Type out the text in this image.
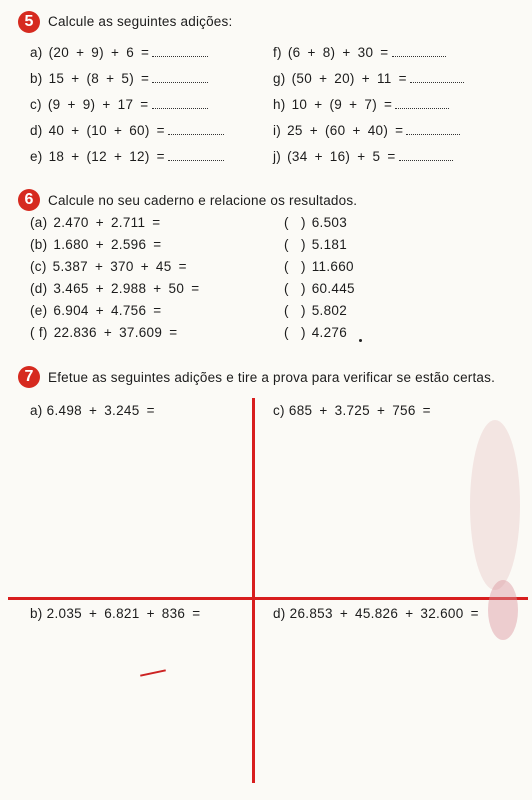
5	Calcule as seguintes adições:
a) (20 + 9) + 6 =
b) 15 + (8 + 5) =
c) (9 + 9) + 17 =
d) 40 + (10 + 60) =
e) 18 + (12 + 12) =
f) (6 + 8) + 30 =
g) (50 + 20) + 11 =
h) 10 + (9 + 7) =
i) 25 + (60 + 40) =
j) (34 + 16) + 5 =
6	Calcule no seu caderno e relacione os resultados.
(a) 2.470 + 2.711 =
(b) 1.680 + 2.596 =
(c) 5.387 + 370 + 45 =
(d) 3.465 + 2.988 + 50 =
(e) 6.904 + 4.756 =
( f) 22.836 + 37.609 =
(   ) 6.503
(   ) 5.181
(   ) 11.660
(   ) 60.445
(   ) 5.802
(   ) 4.276
7	Efetue as seguintes adições e tire a prova para verificar se estão certas.
a) 6.498 + 3.245 =	c) 685 + 3.725 + 756 =
b) 2.035 + 6.821 + 836 =	d) 26.853 + 45.826 + 32.600 =
